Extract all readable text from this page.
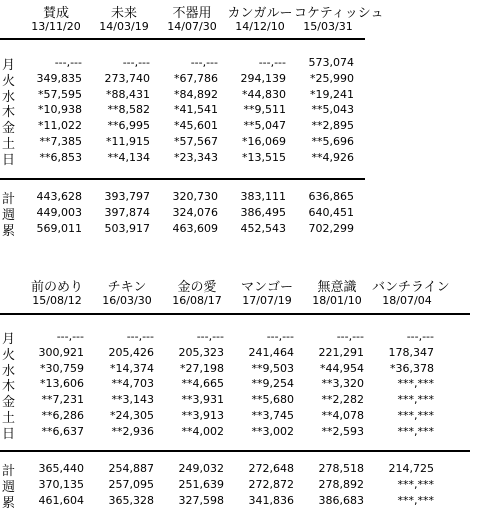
賛成	未来	不器用	カンガルー コケティッシュ
13/11/20	14/03/19	14/07/30	14/12/10	15/03/31
月	---,---	---,---	---,---	---,---	573,074
火	349,835	273,740	*67,786	294,139	*25,990
水	*57,595	*88,431	*84,892	*44,830	*19,241
木	*10,938	**8,582	*41,541	**9,511	**5,043
金	*11,022	**6,995	*45,601	**5,047	**2,895
土	**7,385	*11,915	*57,567	*16,069	**5,696
日	**6,853	**4,134	*23,343	*13,515	**4,926
計	443,628	393,797	320,730	383,111	636,865
週	449,003	397,874	324,076	386,495	640,451
累	569,011	503,917	463,609	452,543	702,299
前のめり	チキン	金の愛	マンゴー	無意識	バンチライン
15/08/12	16/03/30	16/08/17	17/07/19	18/01/10	18/07/04
月	---,---	---,---	---,---	---,---	---,---	---,---
火	300,921	205,426	205,323	241,464	221,291	178,347
水	*30,759	*14,374	*27,198	**9,503	*44,954	*36,378
木	*13,606	**4,703	**4,665	**9,254	**3,320	***,***
金	**7,231	**3,143	**3,931	**5,680	**2,282	***,***
土	**6,286	*24,305	**3,913	**3,745	**4,078	***,***
日	**6,637	**2,936	**4,002	**3,002	**2,593	***,***
計	365,440	254,887	249,032	272,648	278,518	214,725
週	370,135	257,095	251,639	272,872	278,892	***,***
累	461,604	365,328	327,598	341,836	386,683	***,***
